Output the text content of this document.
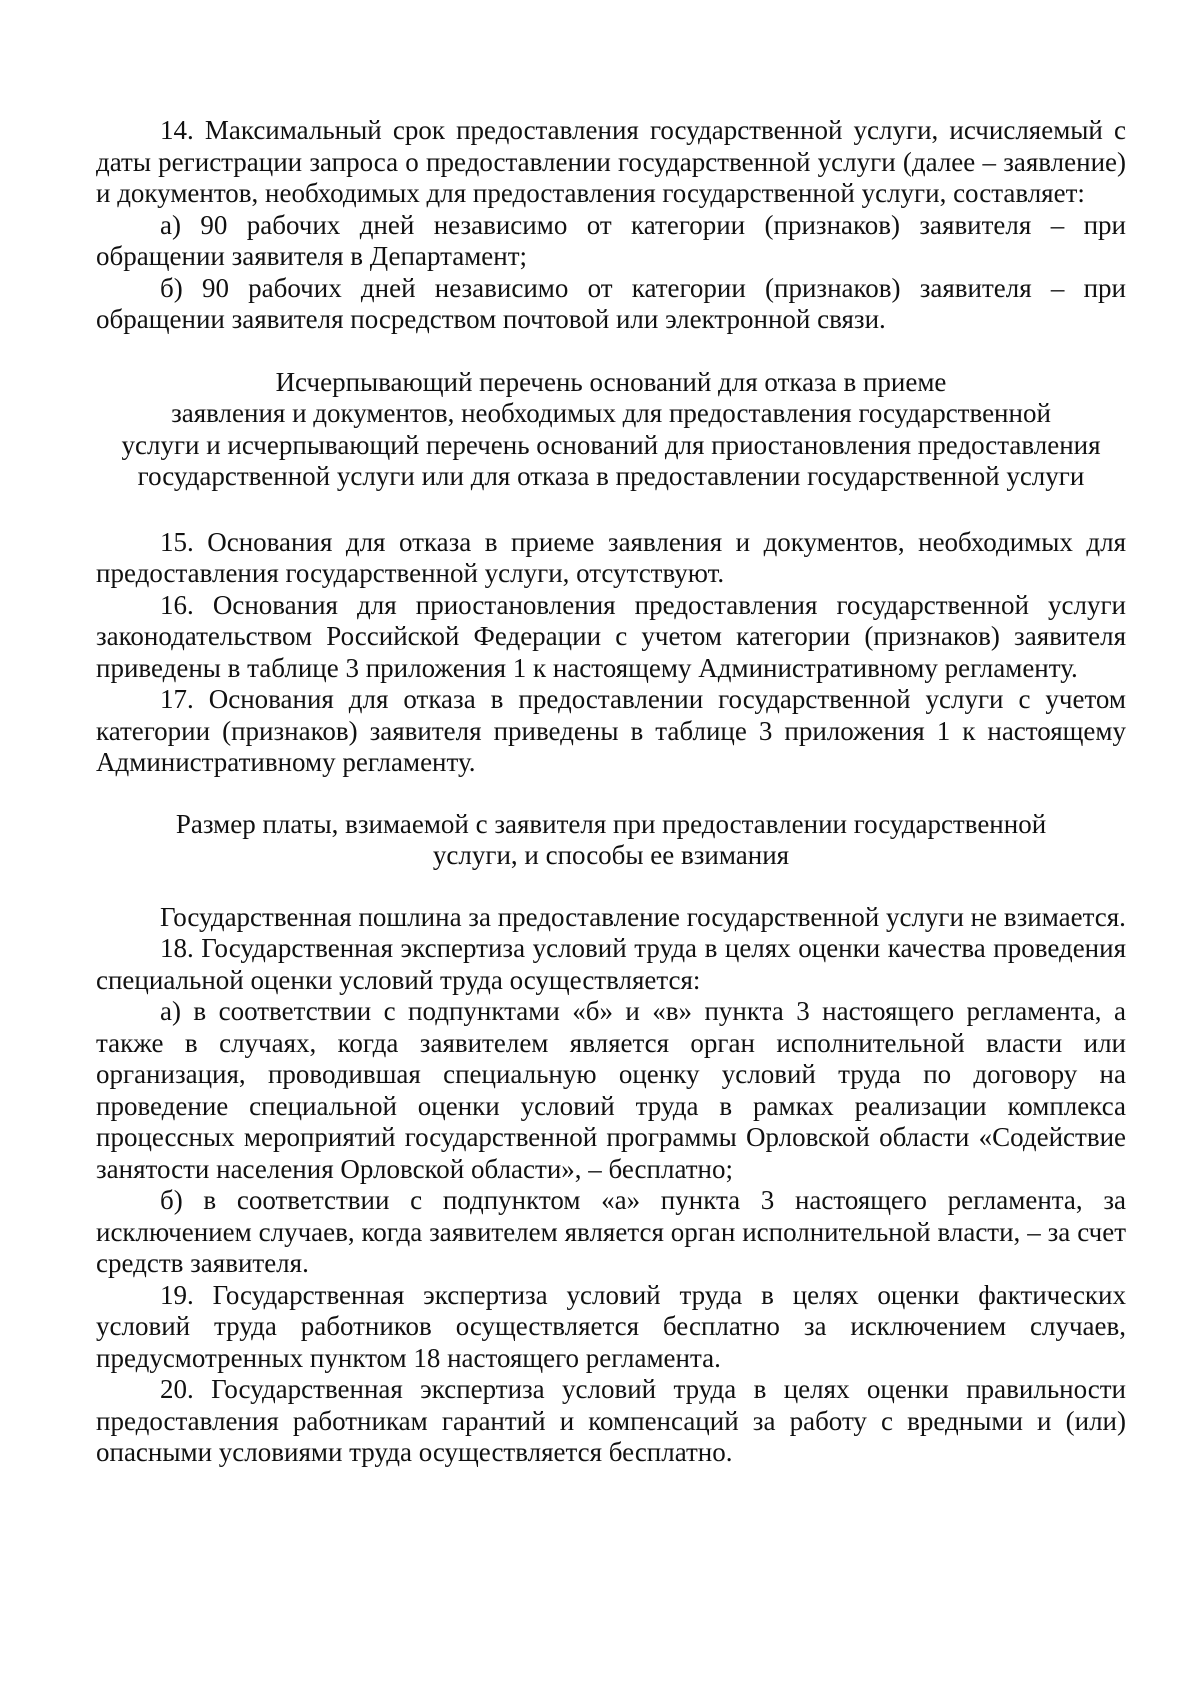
14. Максимальный срок предоставления государственной услуги, исчисляемый с даты регистрации запроса о предоставлении государственной услуги (далее – заявление) и документов, необходимых для предоставления государственной услуги, составляет:

а) 90 рабочих дней независимо от категории (признаков) заявителя – при обращении заявителя в Департамент;

б) 90 рабочих дней независимо от категории (признаков) заявителя – при обращении заявителя посредством почтовой или электронной связи.

Исчерпывающий перечень оснований для отказа в приеме

заявления и документов, необходимых для предоставления государственной

услуги и исчерпывающий перечень оснований для приостановления предоставления

государственной услуги или для отказа в предоставлении государственной услуги

15. Основания для отказа в приеме заявления и документов, необходимых для предоставления государственной услуги, отсутствуют.

16. Основания для приостановления предоставления государственной услуги законодательством Российской Федерации с учетом категории (признаков) заявителя приведены в таблице 3 приложения 1 к настоящему Административному регламенту.

17. Основания для отказа в предоставлении государственной услуги с учетом категории (признаков) заявителя приведены в таблице 3 приложения 1 к настоящему Административному регламенту.

Размер платы, взимаемой с заявителя при предоставлении государственной

услуги, и способы ее взимания

Государственная пошлина за предоставление государственной услуги не взимается.

18. Государственная экспертиза условий труда в целях оценки качества проведения специальной оценки условий труда осуществляется:

а) в соответствии с подпунктами «б» и «в» пункта 3 настоящего регламента, а также в случаях, когда заявителем является орган исполнительной власти или организация, проводившая специальную оценку условий труда по договору на проведение специальной оценки условий труда в рамках реализации комплекса процессных мероприятий государственной программы Орловской области «Содействие занятости населения Орловской области», – бесплатно;

б) в соответствии с подпунктом «а» пункта 3 настоящего регламента, за исключением случаев, когда заявителем является орган исполнительной власти, – за счет средств заявителя.

19. Государственная экспертиза условий труда в целях оценки фактических условий труда работников осуществляется бесплатно за исключением случаев, предусмотренных пунктом 18 настоящего регламента.

20. Государственная экспертиза условий труда в целях оценки правильности предоставления работникам гарантий и компенсаций за работу с вредными и (или) опасными условиями труда осуществляется бесплатно.
